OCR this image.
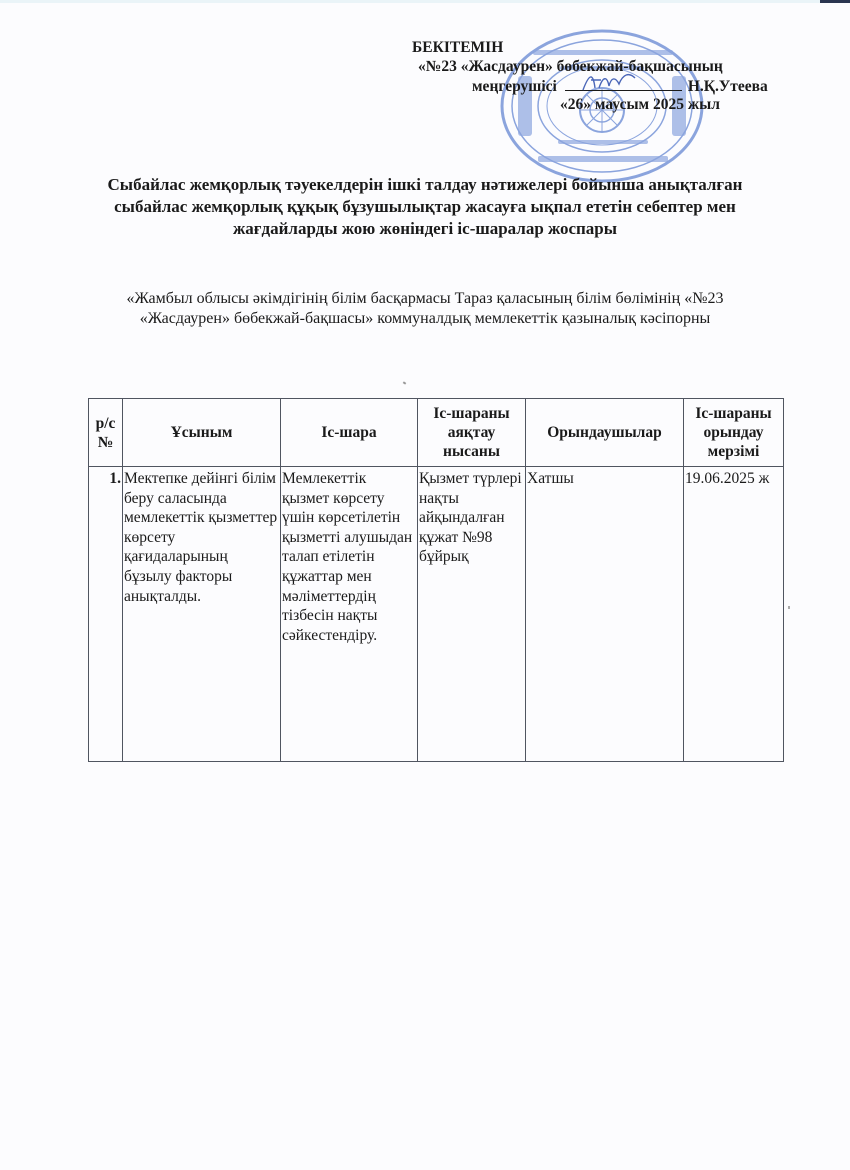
БЕКІТЕМІН
«№23 «Жасдаурен» бөбекжай-бақшасының
меңгерушісі	Н.Қ.Утеева
«26» маусым 2025 жыл
Сыбайлас жемқорлық тәуекелдерін ішкі талдау нәтижелері бойынша анықталған сыбайлас жемқорлық құқық бұзушылықтар жасауға ықпал ететін себептер мен жағдайларды жою жөніндегі іс-шаралар жоспары
«Жамбыл облысы әкімдігінің білім басқармасы Тараз қаласының білім бөлімінің «№23 «Жасдаурен» бөбекжай-бақшасы» коммуналдық мемлекеттік қазыналық кәсіпорны
р/с №	Ұсыным	Іс-шара	Іс-шараны аяқтау нысаны	Орындаушылар	Іс-шараны орындау мерзімі
1.	Мектепке дейінгі білім беру саласында мемлекеттік қызметтер көрсету қағидаларының бұзылу факторы анықталды.	Мемлекеттік қызмет көрсету үшін көрсетілетін қызметті алушыдан талап етілетін құжаттар мен мәліметтердің тізбесін нақты сәйкестендіру.	Қызмет түрлері нақты айқындалған құжат №98 бұйрық	Хатшы	19.06.2025 ж
